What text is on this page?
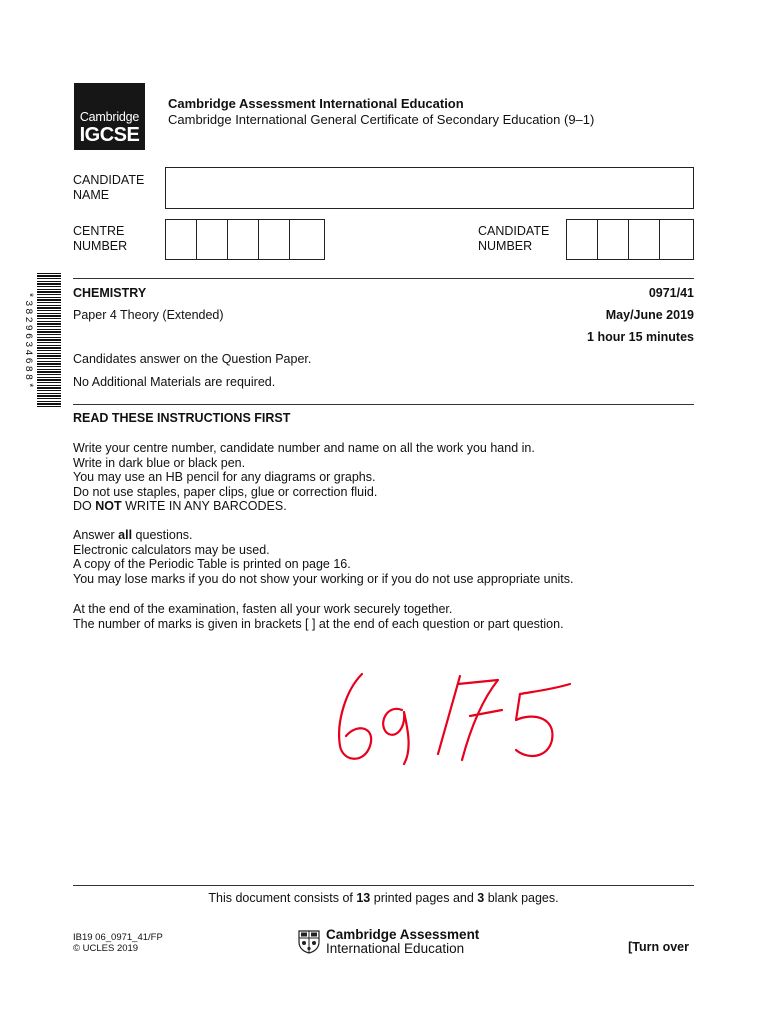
*3829634688*
Cambridge
IGCSE
Cambridge Assessment International Education
Cambridge International General Certificate of Secondary Education (9–1)
CANDIDATE
NAME
CENTRE
NUMBER
CANDIDATE
NUMBER
CHEMISTRY	0971/41
Paper 4 Theory (Extended)	May/June 2019
1 hour 15 minutes
Candidates answer on the Question Paper.
No Additional Materials are required.
READ THESE INSTRUCTIONS FIRST

Write your centre number, candidate number and name on all the work you hand in.

Write in dark blue or black pen.

You may use an HB pencil for any diagrams or graphs.

Do not use staples, paper clips, glue or correction fluid.

DO NOT WRITE IN ANY BARCODES.

Answer all questions.

Electronic calculators may be used.

A copy of the Periodic Table is printed on page 16.

You may lose marks if you do not show your working or if you do not use appropriate units.

At the end of the examination, fasten all your work securely together.

The number of marks is given in brackets [ ] at the end of each question or part question.

This document consists of 13 printed pages and 3 blank pages.
IB19 06_0971_41/FP
© UCLES 2019
Cambridge Assessment
International Education	[Turn over
